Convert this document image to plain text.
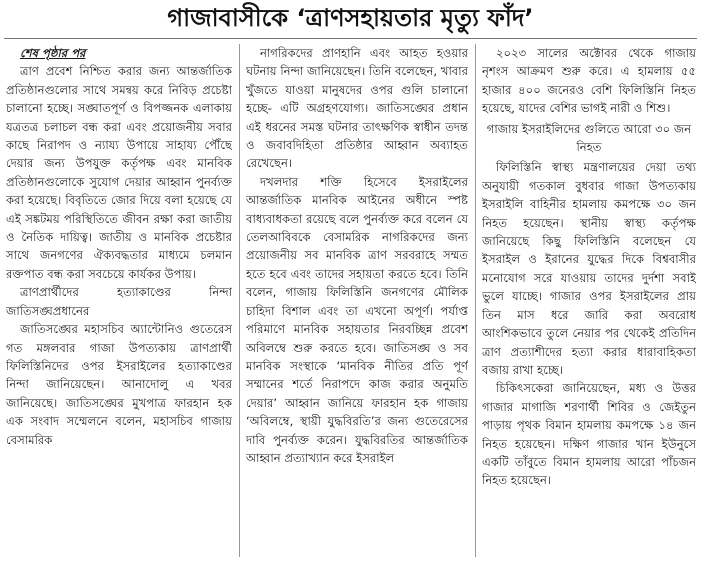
গাজাবাসীকে ‘ত্রাণসহায়তার মৃত্যু ফাঁদ’

শেষ পৃষ্ঠার পর

ত্রাণ প্রবেশ নিশ্চিত করার জন্য আন্তর্জাতিক প্রতিষ্ঠানগুলোর সাথে সমন্বয় করে নিবিড় প্রচেষ্টা চালানো হচ্ছে। সঙ্ঘাতপূর্ণ ও বিপজ্জনক এলাকায় যত্রতত্র চলাচল বন্ধ করা এবং প্রয়োজনীয় সবার কাছে নিরাপদ ও ন্যায্য উপায়ে সাহায্য পৌঁছে দেয়ার জন্য উপযুক্ত কর্তৃপক্ষ এবং মানবিক প্রতিষ্ঠানগুলোকে সুযোগ দেয়ার আহ্বান পুনর্ব্যক্ত করা হয়েছে। বিবৃতিতে জোর দিয়ে বলা হয়েছে যে এই সঙ্কটময় পরিস্থিতিতে জীবন রক্ষা করা জাতীয় ও নৈতিক দায়িত্ব। জাতীয় ও মানবিক প্রচেষ্টার সাথে জনগণের ঐক্যবদ্ধতার মাধ্যমে চলমান রক্তপাত বন্ধ করা সবচেয়ে কার্যকর উপায়।

ত্রাণপ্রার্থীদের হত্যাকাণ্ডের নিন্দা জাতিসঙ্ঘপ্রধানের

জাতিসঙ্ঘের মহাসচিব অ্যান্টোনিও গুতেরেস গত মঙ্গলবার গাজা উপত্যকায় ত্রাণপ্রার্থী ফিলিস্তিনিদের ওপর ইসরাইলের হত্যাকাণ্ডের নিন্দা জানিয়েছেন। আনাদোলু এ খবর জানিয়েছে। জাতিসঙ্ঘের মুখপাত্র ফারহান হক এক সংবাদ সম্মেলনে বলেন, মহাসচিব গাজায় বেসামরিক

নাগরিকদের প্রাণহানি এবং আহত হওয়ার ঘটনায় নিন্দা জানিয়েছেন। তিনি বলেছেন, খাবার খুঁজতে যাওয়া মানুষদের ওপর গুলি চালানো হচ্ছে- এটি অগ্রহণযোগ্য। জাতিসঙ্ঘের প্রধান এই ধরনের সমস্ত ঘটনার তাৎক্ষণিক স্বাধীন তদন্ত ও জবাবদিহিতা প্রতিষ্ঠার আহ্বান অব্যাহত রেখেছেন।

দখলদার শক্তি হিসেবে ইসরাইলের আন্তর্জাতিক মানবিক আইনের অধীনে স্পষ্ট বাধ্যবাধকতা রয়েছে বলে পুনর্ব্যক্ত করে বলেন যে তেলআবিবকে বেসামরিক নাগরিকদের জন্য প্রয়োজনীয় সব মানবিক ত্রাণ সরবরাহে সম্মত হতে হবে এবং তাদের সহায়তা করতে হবে। তিনি বলেন, গাজায় ফিলিস্তিনি জনগণের মৌলিক চাহিদা বিশাল এবং তা এখনো অপূর্ণ। পর্যাপ্ত পরিমাণে মানবিক সহায়তার নিরবচ্ছিন্ন প্রবেশ অবিলম্বে শুরু করতে হবে। জাতিসঙ্ঘ ও সব মানবিক সংস্থাকে ‘মানবিক নীতির প্রতি পূর্ণ সম্মানের শর্তে নিরাপদে কাজ করার অনুমতি দেয়ার’ আহ্বান জানিয়ে ফারহান হক গাজায় ‘অবিলম্বে, স্থায়ী যুদ্ধবিরতি’র জন্য গুতেরেসের দাবি পুনর্ব্যক্ত করেন। যুদ্ধবিরতির আন্তর্জাতিক আহ্বান প্রত্যাখ্যান করে ইসরাইল

২০২৩ সালের অক্টোবর থেকে গাজায় নৃশংস আক্রমণ শুরু করে। এ হামলায় ৫৫ হাজার ৪০০ জনেরও বেশি ফিলিস্তিনি নিহত হয়েছে, যাদের বেশির ভাগই নারী ও শিশু।

গাজায় ইসরাইলিদের গুলিতে আরো ৩০ জন নিহত

ফিলিস্তিনি স্বাস্থ্য মন্ত্রণালয়ের দেয়া তথ্য অনুযায়ী গতকাল বুধবার গাজা উপত্যকায় ইসরাইলি বাহিনীর হামলায় কমপক্ষে ৩০ জন নিহত হয়েছেন। স্থানীয় স্বাস্থ্য কর্তৃপক্ষ জানিয়েছে কিছু ফিলিস্তিনি বলেছেন যে ইসরাইল ও ইরানের যুদ্ধের দিকে বিশ্ববাসীর মনোযোগ সরে যাওয়ায় তাদের দুর্দশা সবাই ভুলে যাচ্ছে। গাজার ওপর ইসরাইলের প্রায় তিন মাস ধরে জারি করা অবরোধ আংশিকভাবে তুলে নেয়ার পর থেকেই প্রতিদিন ত্রাণ প্রত্যাশীদের হত্যা করার ধারাবাহিকতা বজায় রাখা হচ্ছে।

চিকিৎসকেরা জানিয়েছেন, মধ্য ও উত্তর গাজার মাগাজি শরণার্থী শিবির ও জেইতুন পাড়ায় পৃথক বিমান হামলায় কমপক্ষে ১৪ জন নিহত হয়েছেন। দক্ষিণ গাজার খান ইউনুসে একটি তাঁবুতে বিমান হামলায় আরো পাঁচজন নিহত হয়েছেন।
